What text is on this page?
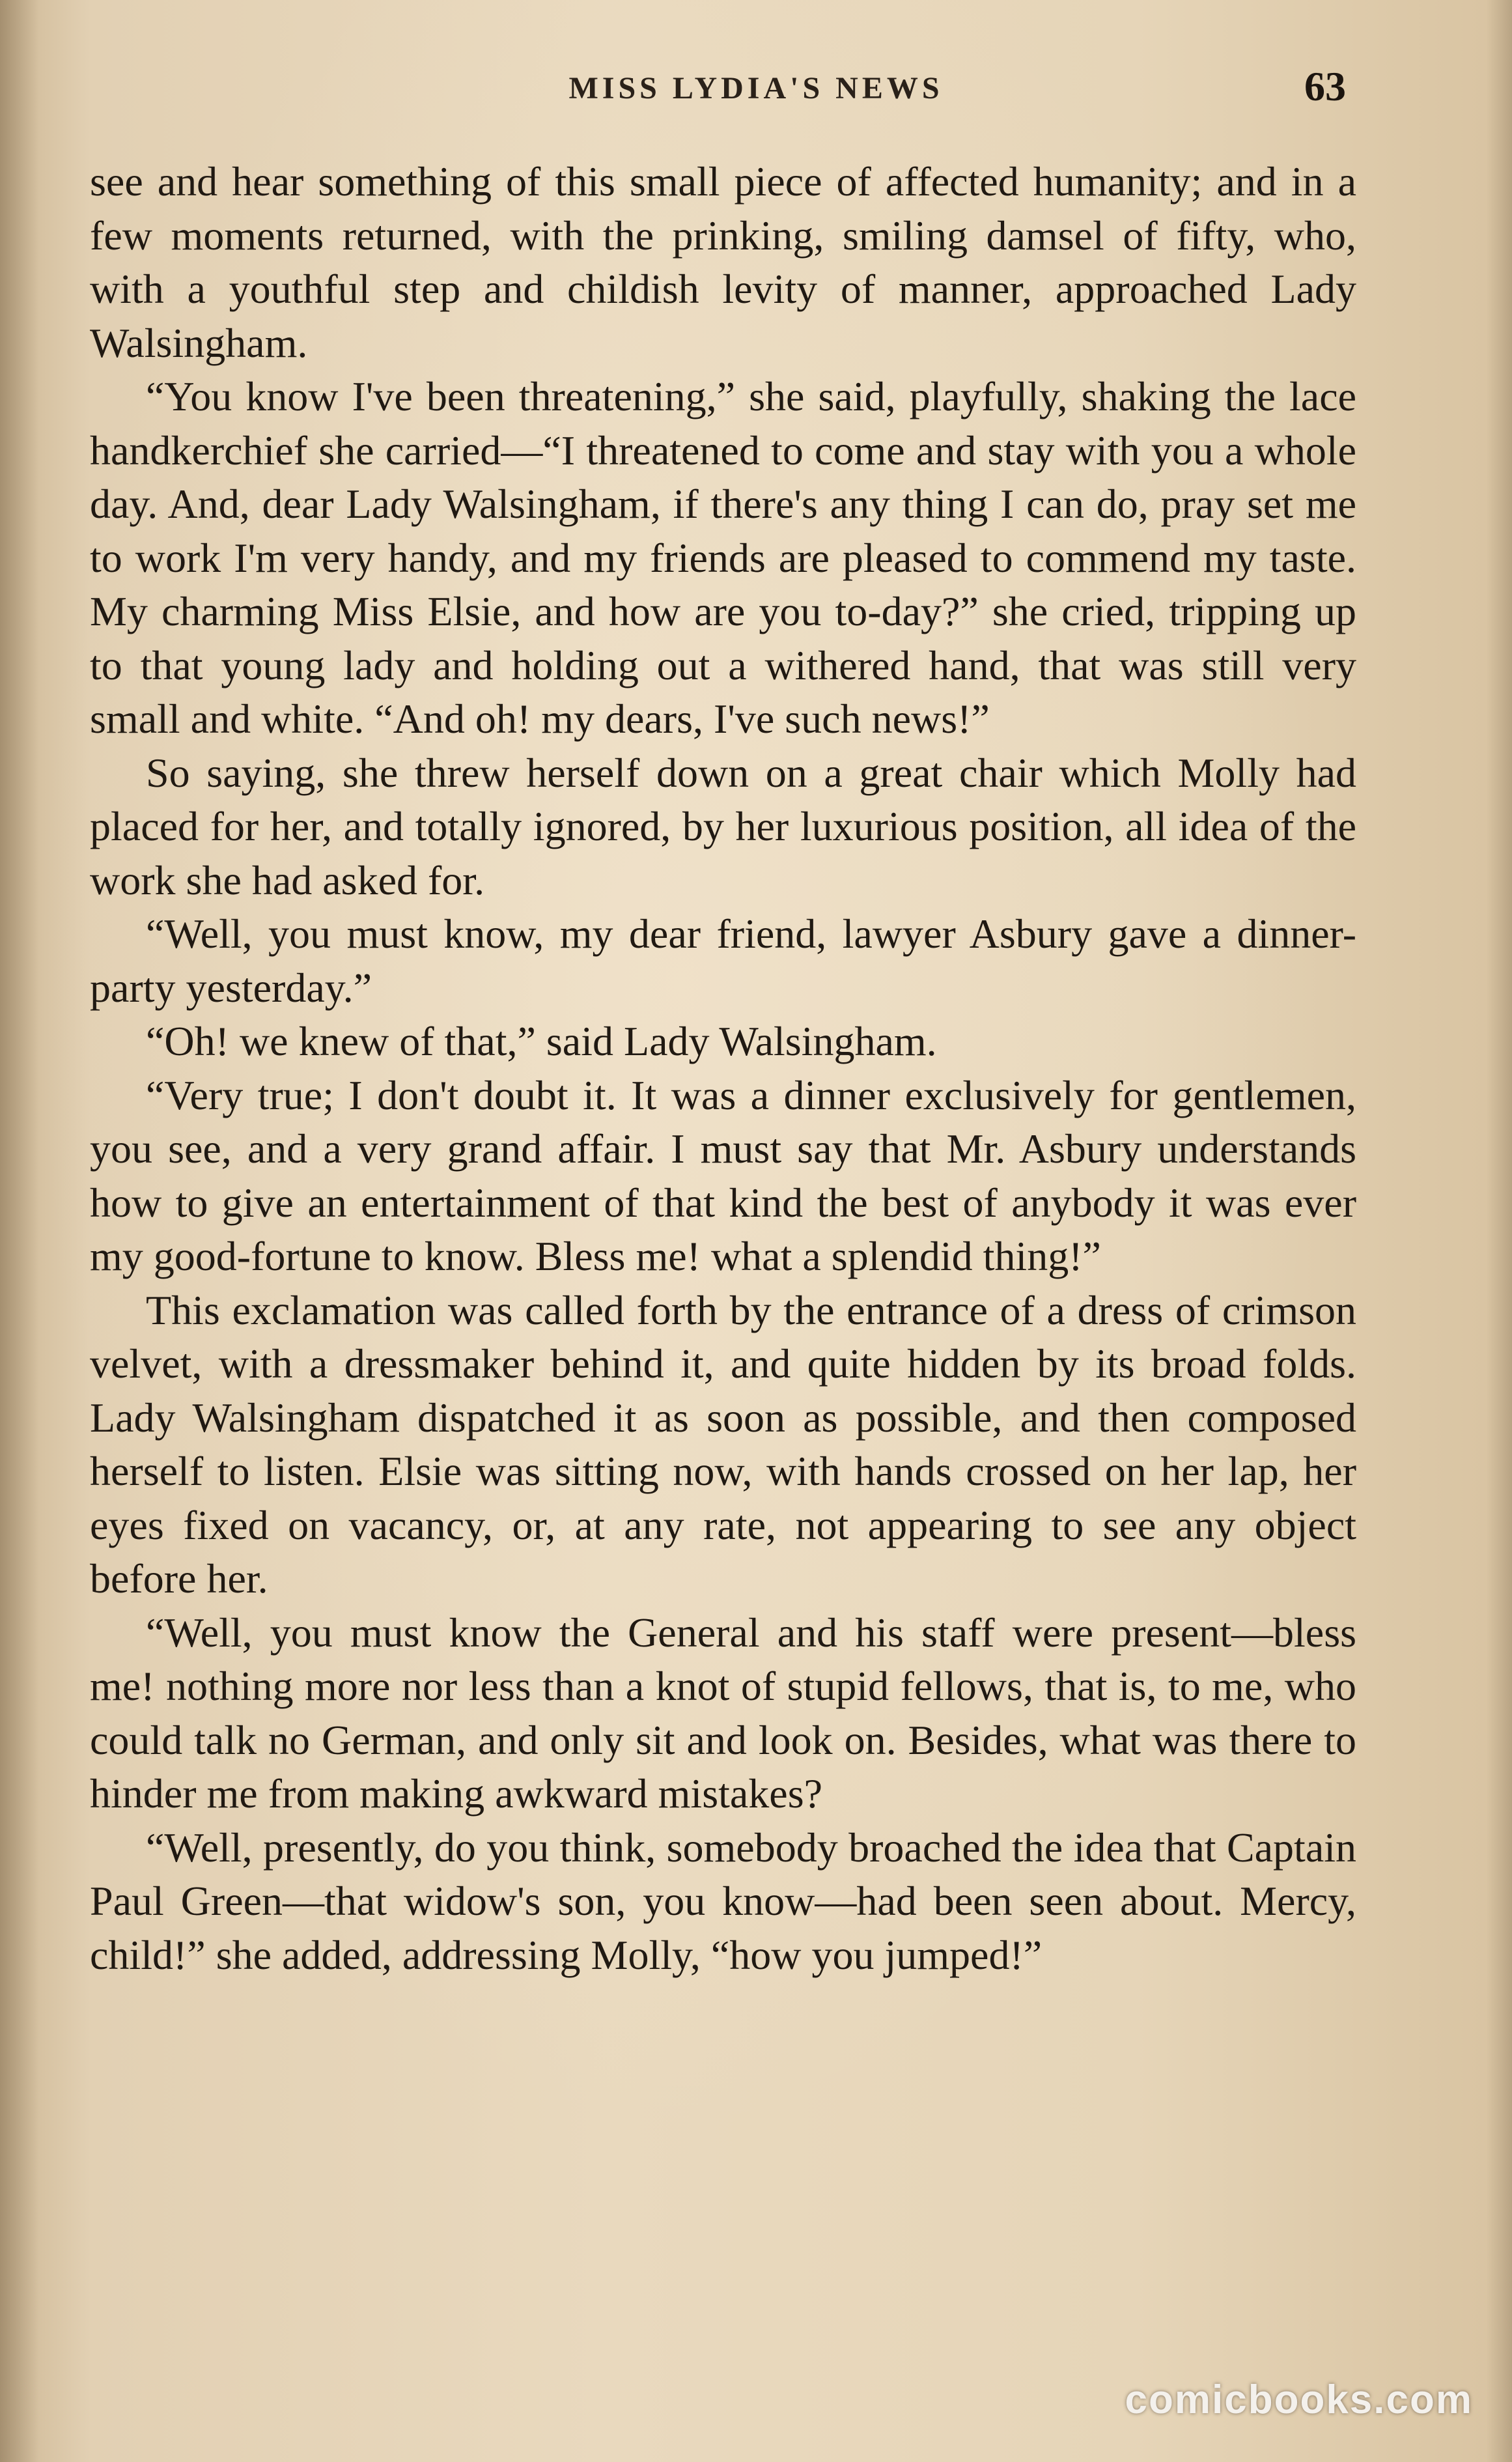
MISS LYDIA'S NEWS	63

see and hear something of this small piece of affected humanity; and in a few moments returned, with the prinking, smiling damsel of fifty, who, with a youthful step and childish levity of manner, approached Lady Walsingham.

“You know I've been threatening,” she said, playfully, shaking the lace handkerchief she carried—“I threatened to come and stay with you a whole day. And, dear Lady Walsingham, if there's any thing I can do, pray set me to work I'm very handy, and my friends are pleased to commend my taste. My charming Miss Elsie, and how are you to-day?” she cried, tripping up to that young lady and holding out a withered hand, that was still very small and white. “And oh! my dears, I've such news!”

So saying, she threw herself down on a great chair which Molly had placed for her, and totally ignored, by her luxurious position, all idea of the work she had asked for.

“Well, you must know, my dear friend, lawyer Asbury gave a dinner-party yesterday.”

“Oh! we knew of that,” said Lady Walsingham.

“Very true; I don't doubt it. It was a dinner exclusively for gentlemen, you see, and a very grand affair. I must say that Mr. Asbury understands how to give an entertainment of that kind the best of anybody it was ever my good-fortune to know. Bless me! what a splendid thing!”

This exclamation was called forth by the entrance of a dress of crimson velvet, with a dressmaker behind it, and quite hidden by its broad folds. Lady Walsingham dispatched it as soon as possible, and then composed herself to listen. Elsie was sitting now, with hands crossed on her lap, her eyes fixed on vacancy, or, at any rate, not appearing to see any object before her.

“Well, you must know the General and his staff were present—bless me! nothing more nor less than a knot of stupid fellows, that is, to me, who could talk no German, and only sit and look on. Besides, what was there to hinder me from making awkward mistakes?

“Well, presently, do you think, somebody broached the idea that Captain Paul Green—that widow's son, you know—had been seen about. Mercy, child!” she added, addressing Molly, “how you jumped!”

comicbooks.com
